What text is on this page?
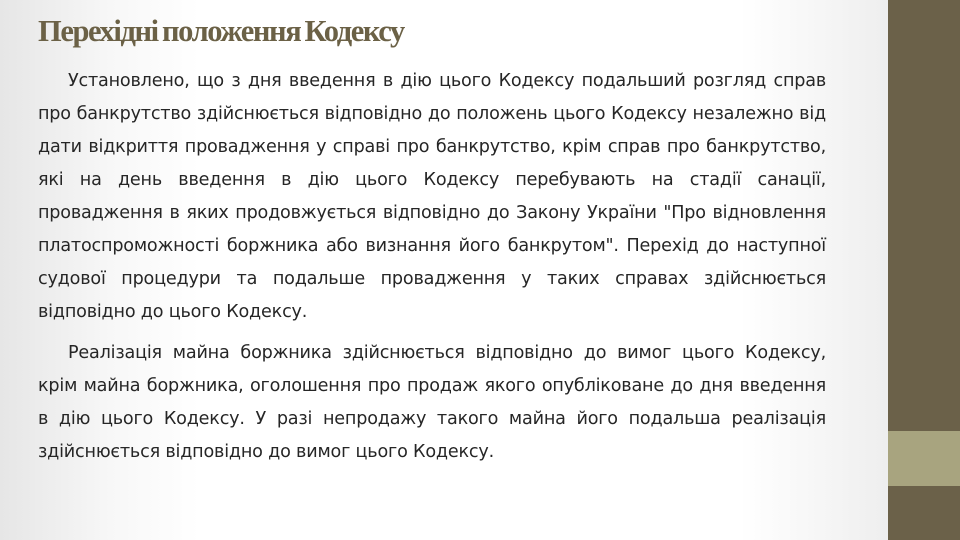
Перехідні положення Кодексу

Установлено, що з дня введення в дію цього Кодексу подальший розгляд справ про банкрутство здійснюється відповідно до положень цього Кодексу незалежно від дати відкриття провадження у справі про банкрутство, крім справ про банкрутство, які на день введення в дію цього Кодексу перебувають на стадії санації, провадження в яких продовжується відповідно до Закону України "Про відновлення платоспроможності боржника або визнання його банкрутом". Перехід до наступної судової процедури та подальше провадження у таких справах здійснюється відповідно до цього Кодексу.

Реалізація майна боржника здійснюється відповідно до вимог цього Кодексу, крім майна боржника, оголошення про продаж якого опубліковане до дня введення в дію цього Кодексу. У разі непродажу такого майна його подальша реалізація здійснюється відповідно до вимог цього Кодексу.
